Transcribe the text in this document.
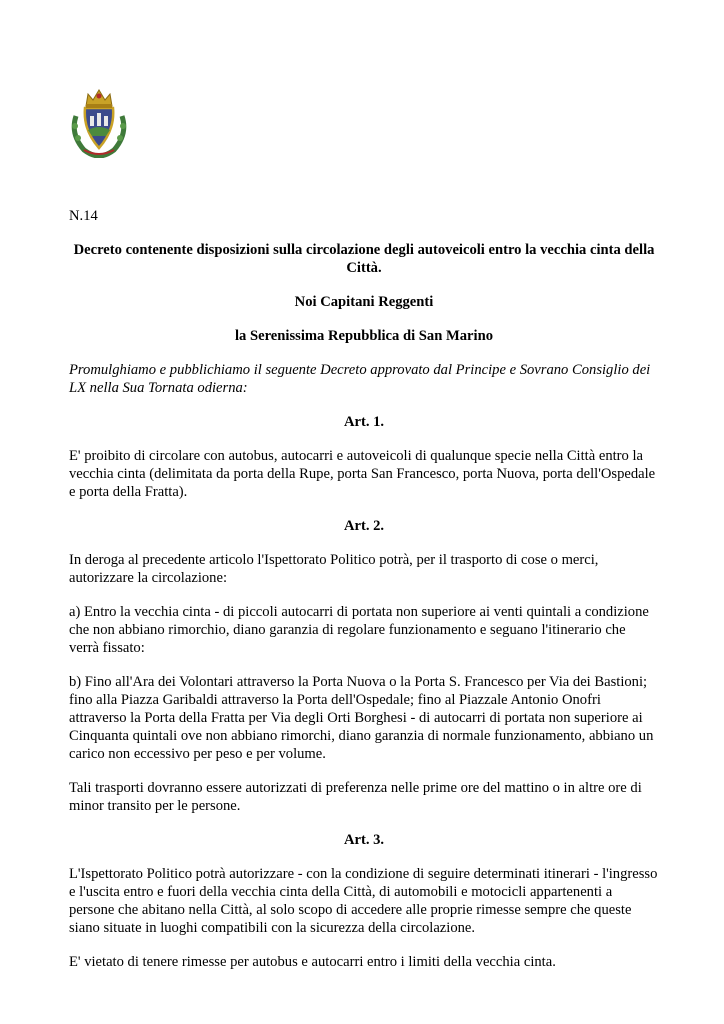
N.14

Decreto contenente disposizioni sulla circolazione degli autoveicoli entro la vecchia cinta della Città.

Noi Capitani Reggenti

la Serenissima Repubblica di San Marino

Promulghiamo e pubblichiamo il seguente Decreto approvato dal Principe e Sovrano Consiglio dei LX nella Sua Tornata odierna:

Art. 1.

E' proibito di circolare con autobus, autocarri e autoveicoli di qualunque specie nella Città entro la vecchia cinta (delimitata da porta della Rupe, porta San Francesco, porta Nuova, porta dell'Ospedale e porta della Fratta).

Art. 2.

In deroga al precedente articolo l'Ispettorato Politico potrà, per il trasporto di cose o merci, autorizzare la circolazione:

a) Entro la vecchia cinta - di piccoli autocarri di portata non superiore ai venti quintali a condizione che non abbiano rimorchio, diano garanzia di regolare funzionamento e seguano l'itinerario che verrà fissato:

b) Fino all'Ara dei Volontari attraverso la Porta Nuova o la Porta S. Francesco per Via dei Bastioni; fino alla Piazza Garibaldi attraverso la Porta dell'Ospedale; fino al Piazzale Antonio Onofri attraverso la Porta della Fratta per Via degli Orti Borghesi - di autocarri di portata non superiore ai Cinquanta quintali ove non abbiano rimorchi, diano garanzia di normale funzionamento, abbiano un carico non eccessivo per peso e per volume.

Tali trasporti dovranno essere autorizzati di preferenza nelle prime ore del mattino o in altre ore di minor transito per le persone.

Art. 3.

L'Ispettorato Politico potrà autorizzare - con la condizione di seguire determinati itinerari - l'ingresso e l'uscita entro e fuori della vecchia cinta della Città, di automobili e motocicli appartenenti a persone che abitano nella Città, al solo scopo di accedere alle proprie rimesse sempre che queste siano situate in luoghi compatibili con la sicurezza della circolazione.

E' vietato di tenere rimesse per autobus e autocarri entro i limiti della vecchia cinta.
